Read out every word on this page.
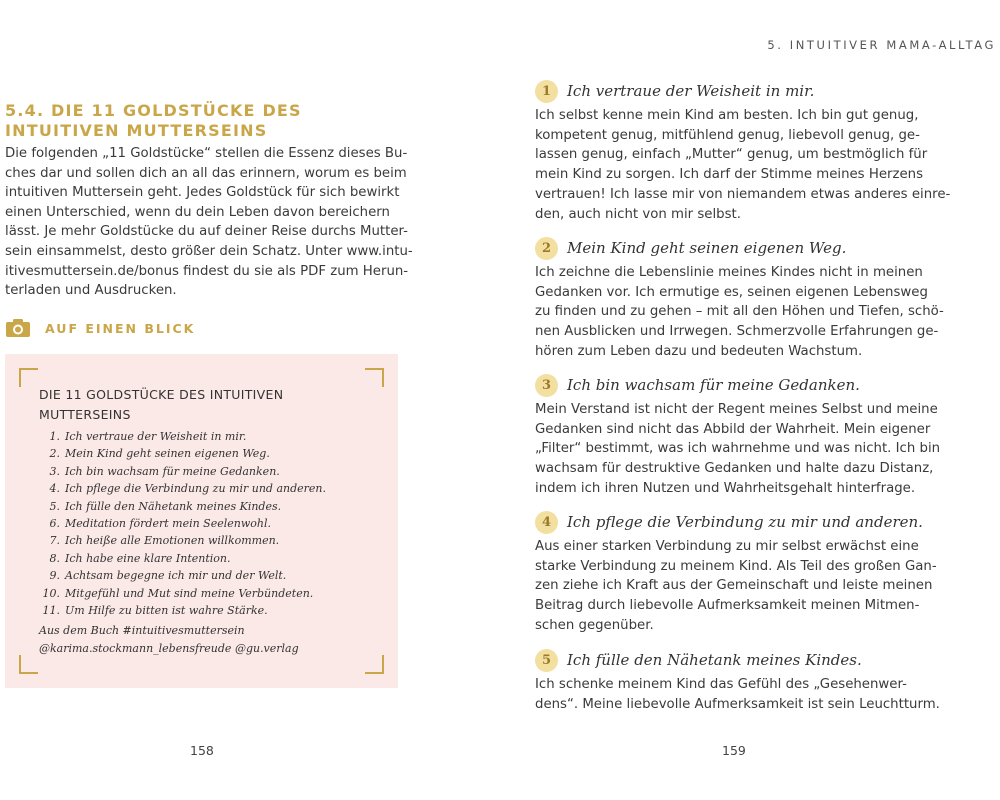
5.4. DIE 11 GOLDSTÜCKE DES INTUITIVEN MUTTERSEINS

Die folgenden „11 Goldstücke“ stellen die Essenz dieses Bu-
ches dar und sollen dich an all das erinnern, worum es beim
intuitiven Muttersein geht. Jedes Goldstück für sich bewirkt
einen Unterschied, wenn du dein Leben davon bereichern
lässt. Je mehr Goldstücke du auf deiner Reise durchs Mutter-
sein einsammelst, desto größer dein Schatz. Unter www.intu-
itivesmuttersein.de/bonus findest du sie als PDF zum Herun-
terladen und Ausdrucken.

AUF EINEN BLICK

DIE 11 GOLDSTÜCKE DES INTUITIVEN
MUTTERSEINS

1. Ich vertraue der Weisheit in mir.
2. Mein Kind geht seinen eigenen Weg.
3. Ich bin wachsam für meine Gedanken.
4. Ich pflege die Verbindung zu mir und anderen.
5. Ich fülle den Nähetank meines Kindes.
6. Meditation fördert mein Seelenwohl.
7. Ich heiße alle Emotionen willkommen.
8. Ich habe eine klare Intention.
9. Achtsam begegne ich mir und der Welt.
10. Mitgefühl und Mut sind meine Verbündeten.
11. Um Hilfe zu bitten ist wahre Stärke.

Aus dem Buch #intuitivesmuttersein
@karima.stockmann_lebensfreude @gu.verlag

158
5. INTUITIVER MAMA-ALLTAG
1	Ich vertraue der Weisheit in mir.

Ich selbst kenne mein Kind am besten. Ich bin gut genug,
kompetent genug, mitfühlend genug, liebevoll genug, ge-
lassen genug, einfach „Mutter“ genug, um bestmöglich für
mein Kind zu sorgen. Ich darf der Stimme meines Herzens
vertrauen! Ich lasse mir von niemandem etwas anderes einre-
den, auch nicht von mir selbst.

2	Mein Kind geht seinen eigenen Weg.

Ich zeichne die Lebenslinie meines Kindes nicht in meinen
Gedanken vor. Ich ermutige es, seinen eigenen Lebensweg
zu finden und zu gehen – mit all den Höhen und Tiefen, schö-
nen Ausblicken und Irrwegen. Schmerzvolle Erfahrungen ge-
hören zum Leben dazu und bedeuten Wachstum.

3	Ich bin wachsam für meine Gedanken.

Mein Verstand ist nicht der Regent meines Selbst und meine
Gedanken sind nicht das Abbild der Wahrheit. Mein eigener
„Filter“ bestimmt, was ich wahrnehme und was nicht. Ich bin
wachsam für destruktive Gedanken und halte dazu Distanz,
indem ich ihren Nutzen und Wahrheitsgehalt hinterfrage.

4	Ich pflege die Verbindung zu mir und anderen.

Aus einer starken Verbindung zu mir selbst erwächst eine
starke Verbindung zu meinem Kind. Als Teil des großen Gan-
zen ziehe ich Kraft aus der Gemeinschaft und leiste meinen
Beitrag durch liebevolle Aufmerksamkeit meinen Mitmen-
schen gegenüber.

5	Ich fülle den Nähetank meines Kindes.

Ich schenke meinem Kind das Gefühl des „Gesehenwer-
dens“. Meine liebevolle Aufmerksamkeit ist sein Leuchtturm.

159
